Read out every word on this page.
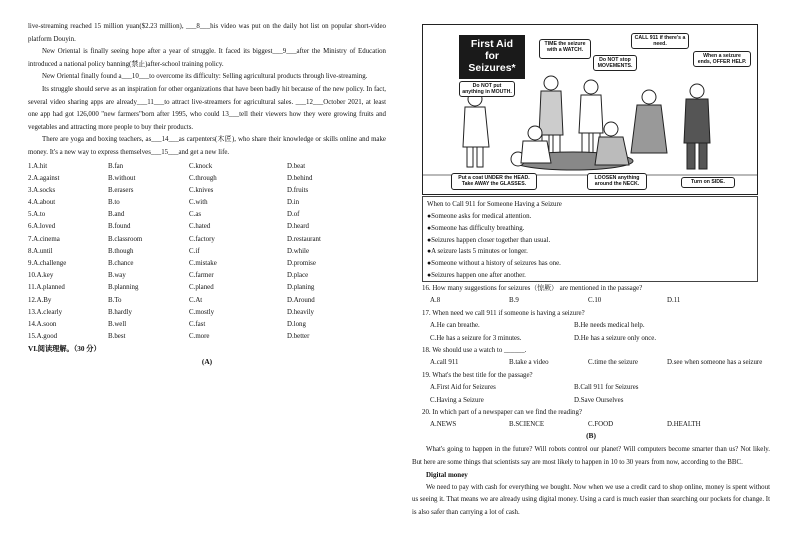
live-streaming reached 15 million yuan($2.23 million), ___8___his video was put on the daily hot list on popular short-video platform Douyin.

New Oriental is finally seeing hope after a year of struggle. It faced its biggest___9___after the Ministry of Education introduced a national policy banning(禁止)after-school training policy.

New Oriental finally found a___10___to overcome its difficulty: Selling agricultural products through live-streaming.

Its struggle should serve as an inspiration for other organizations that have been badly hit because of the new policy. In fact, several video sharing apps are already___11___to attract live-streamers for agricultural sales. ___12___October 2021, at least one app had got 126,000 "new farmers"born after 1995, who could 13___tell their viewers how they were growing fruits and vegetables and attracting more people to buy their products.

There are yoga and boxing teachers, as___14___as carpenters(木匠), who share their knowledge or skills online and make money. It's a new way to express themselves___15___and get a new life.

1.A.hit	B.fan	C.knock	D.beat
2.A.against	B.without	C.through	D.behind
3.A.socks	B.erasers	C.knives	D.fruits
4.A.about	B.to	C.with	D.in
5.A.to	B.and	C.as	D.of
6.A.loved	B.found	C.hated	D.heard
7.A.cinema	B.classroom	C.factory	D.restaurant
8.A.until	B.though	C.if	D.while
9.A.challenge	B.chance	C.mistake	D.promise
10.A.key	B.way	C.farmer	D.place
11.A.planned	B.planning	C.planed	D.planing
12.A.By	B.To	C.At	D.Around
13.A.clearly	B.hardly	C.mostly	D.heavily
14.A.soon	B.well	C.fast	D.long
15.A.good	B.best	C.more	D.better
VI.阅读理解。（30 分）
(A)
First Aid
for
Seizures*
TIME the seizure with a WATCH.
CALL 911 if there's a need.
Do NOT stop MOVEMENTS.
Do NOT put anything in MOUTH.
When a seizure ends, OFFER HELP.
Put a coat UNDER the HEAD. Take AWAY the GLASSES.
LOOSEN anything around the NECK.	Turn on SIDE.
When to Call 911 for Someone Having a Seizure
●Someone asks for medical attention.
●Someone has difficulty breathing.
●Seizures happen closer together than usual.
●A seizure lasts 5 minutes or longer.
●Someone without a history of seizures has one.
●Seizures happen one after another.
16. How many suggestions for seizures（惊厥） are mentioned in the passage?
A.8	B.9	C.10	D.11
17. When need we call 911 if someone is having a seizure?
A.He can breathe.	B.He needs medical help.
C.He has a seizure for 3 minutes.	D.He has a seizure only once.
18. We should use a watch to ______.
A.call 911	B.take a video	C.time the seizure	D.see when someone has a seizure
19. What's the best title for the passage?
A.First Aid for Seizures	B.Call 911 for Seizures
C.Having a Seizure	D.Save Ourselves
20. In which part of a newspaper can we find the reading?
A.NEWS	B.SCIENCE	C.FOOD	D.HEALTH
(B)

What's going to happen in the future? Will robots control our planet? Will computers become smarter than us? Not likely. But here are some things that scientists say are most likely to happen in 10 to 30 years from now, according to the BBC.

Digital money

We need to pay with cash for everything we bought. Now when we use a credit card to shop online, money is spent without us seeing it. That means we are already using digital money. Using a card is much easier than searching our pockets for change. It is also safer than carrying a lot of cash.
